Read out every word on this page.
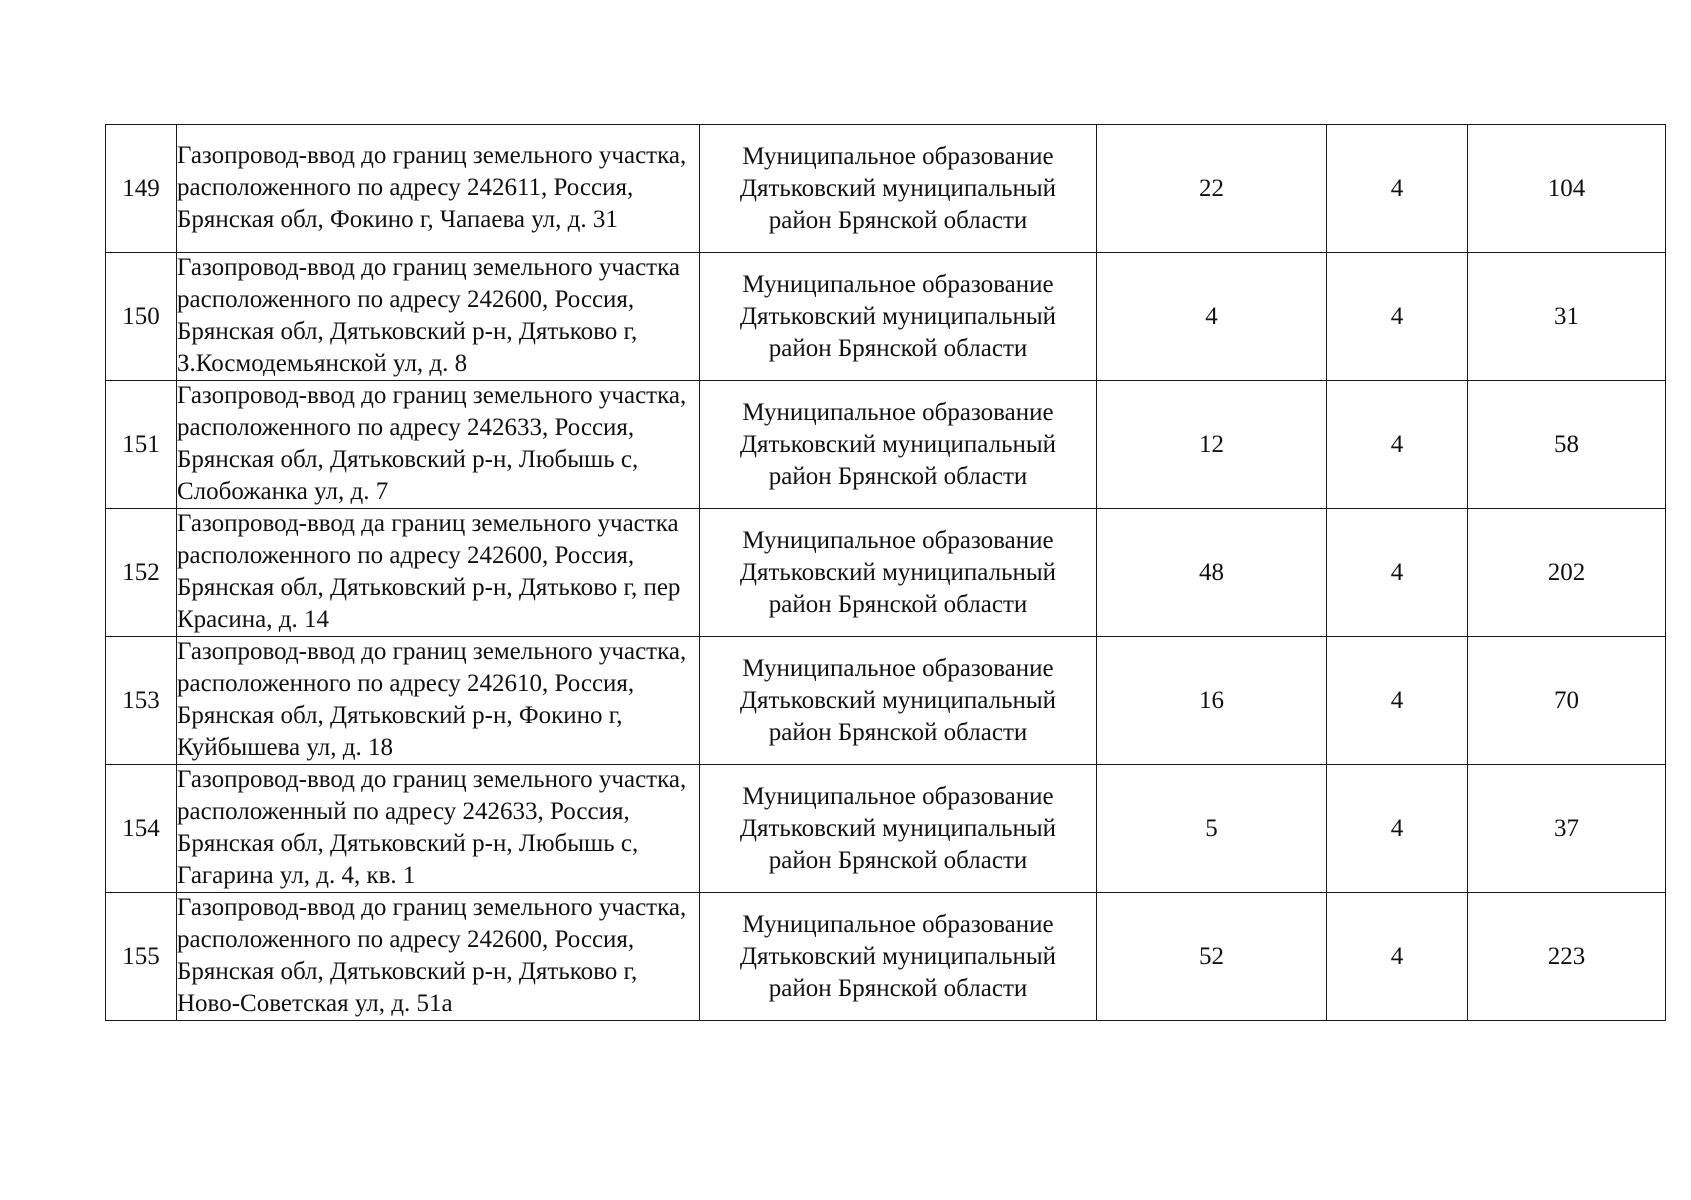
149	Газопровод-ввод до границ земельного участка, расположенного по адресу 242611, Россия, Брянская обл, Фокино г, Чапаева ул, д. 31	Муниципальное образование Дятьковский муниципальный район Брянской области	22	4	104
150	Газопровод-ввод до границ земельного участка расположенного по адресу 242600, Россия, Брянская обл, Дятьковский р-н, Дятьково г, З.Космодемьянской ул, д. 8	Муниципальное образование Дятьковский муниципальный район Брянской области	4	4	31
151	Газопровод-ввод до границ земельного участка, расположенного по адресу 242633, Россия, Брянская обл, Дятьковский р-н, Любышь с, Слобожанка ул, д. 7	Муниципальное образование Дятьковский муниципальный район Брянской области	12	4	58
152	Газопровод-ввод да границ земельного участка расположенного по адресу 242600, Россия, Брянская обл, Дятьковский р-н, Дятьково г, пер Красина, д. 14	Муниципальное образование Дятьковский муниципальный район Брянской области	48	4	202
153	Газопровод-ввод до границ земельного участка, расположенного по адресу 242610, Россия, Брянская обл, Дятьковский р-н, Фокино г, Куйбышева ул, д. 18	Муниципальное образование Дятьковский муниципальный район Брянской области	16	4	70
154	Газопровод-ввод до границ земельного участка, расположенный по адресу 242633, Россия, Брянская обл, Дятьковский р-н, Любышь с, Гагарина ул, д. 4, кв. 1	Муниципальное образование Дятьковский муниципальный район Брянской области	5	4	37
155	Газопровод-ввод до границ земельного участка, расположенного по адресу 242600, Россия, Брянская обл, Дятьковский р-н, Дятьково г, Ново-Советская ул, д. 51а	Муниципальное образование Дятьковский муниципальный район Брянской области	52	4	223
